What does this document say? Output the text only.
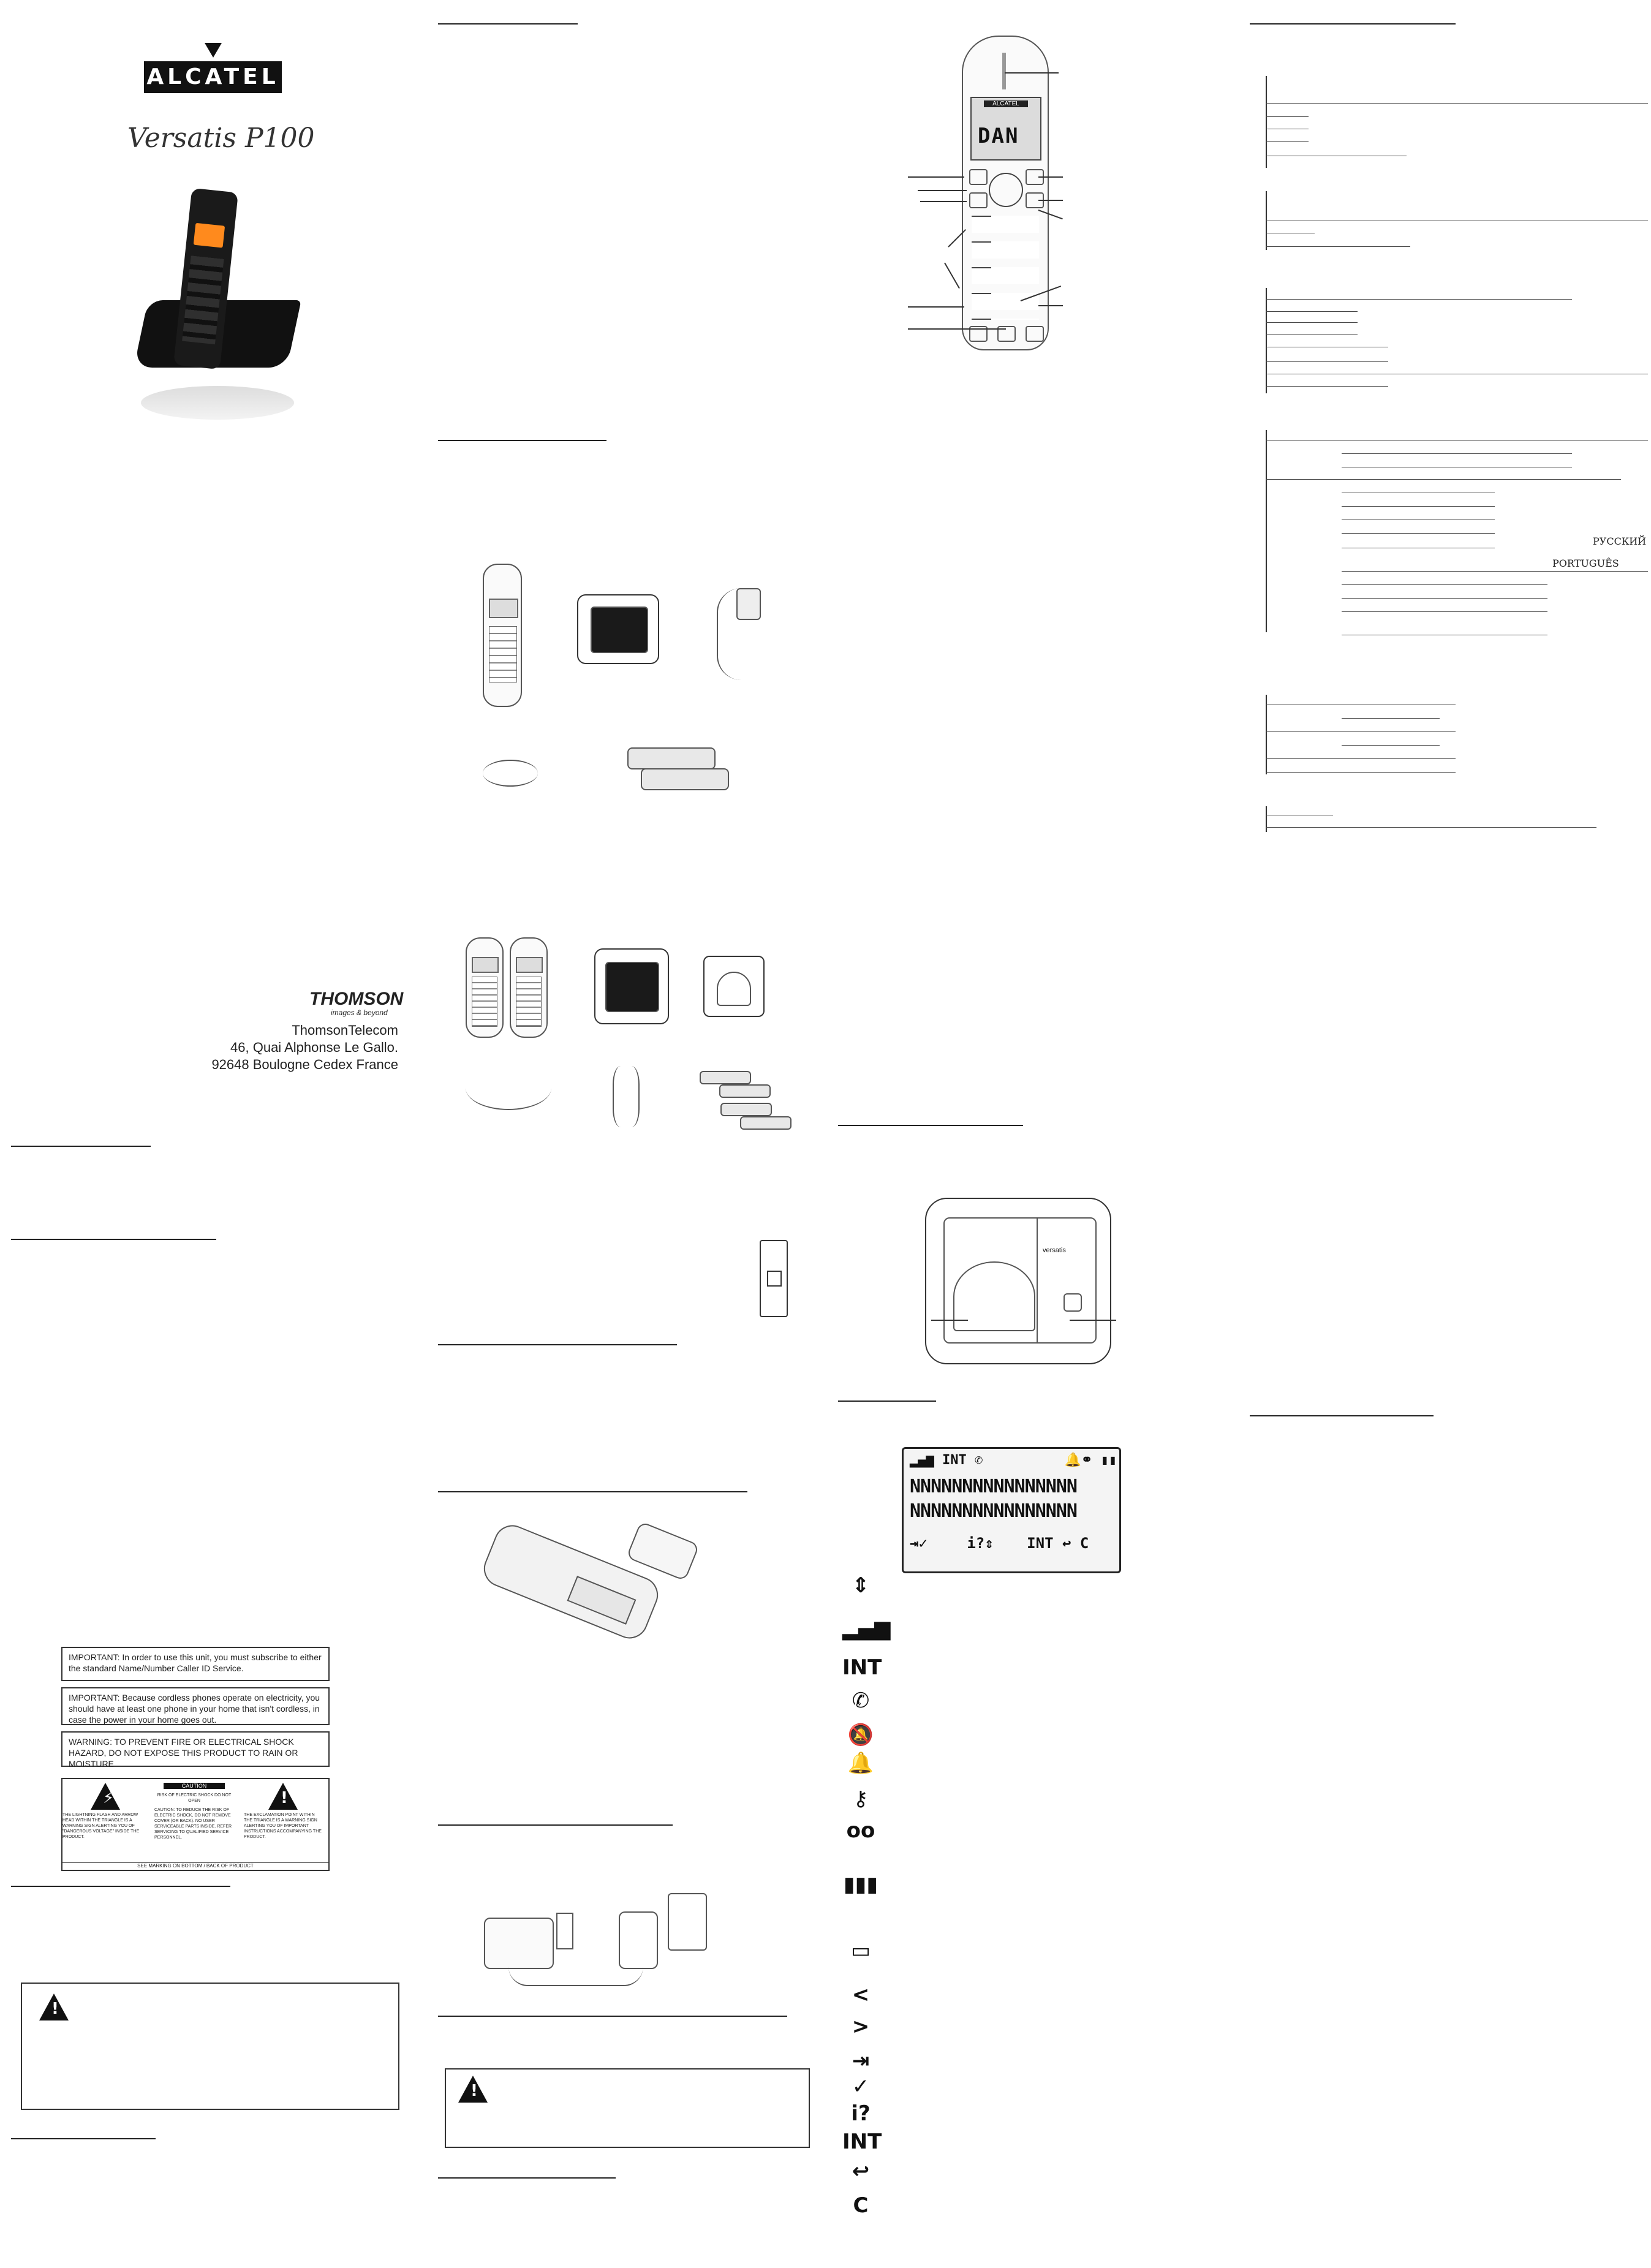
ALCATEL
Versatis P100
THOMSON
images & beyond
ThomsonTelecom
46, Quai Alphonse Le Gallo.
92648 Boulogne Cedex France
IMPORTANT: In order to use this unit, you must subscribe to either the standard Name/Number Caller ID Service.
IMPORTANT: Because cordless phones operate on electricity, you should have at least one phone in your home that isn't cordless, in case the power in your home goes out.
WARNING: TO PREVENT FIRE OR ELECTRICAL SHOCK HAZARD, DO NOT EXPOSE THIS PRODUCT TO RAIN OR MOISTURE
⚡
THE LIGHTNING FLASH AND ARROW HEAD WITHIN THE TRIANGLE IS A WARNING SIGN ALERTING YOU OF "DANGEROUS VOLTAGE" INSIDE THE PRODUCT.
CAUTION
RISK OF ELECTRIC SHOCK DO NOT OPEN
CAUTION: TO REDUCE THE RISK OF ELECTRIC SHOCK, DO NOT REMOVE COVER (OR BACK). NO USER SERVICEABLE PARTS INSIDE. REFER SERVICING TO QUALIFIED SERVICE PERSONNEL.
!
THE EXCLAMATION POINT WITHIN THE TRIANGLE IS A WARNING SIGN ALERTING YOU OF IMPORTANT INSTRUCTIONS ACCOMPANYING THE PRODUCT.
SEE MARKING ON BOTTOM / BACK OF PRODUCT
!
!
ALCATEL
DAN
versatis
▂▄▆ INT ✆	🔔⚭ ▮▮
NNNNNNNNNNNNNNNN
NNNNNNNNNNNNNNNN
⇥✓	i?⇕ INT ↩ C
⇕
▂▄▆
INT
✆
🔕
🔔
⚷
oo
▮▮▮
▭
<
>
⇥
✓
i?
INT
↩
C
РУССКИЙ
PORTUGUÊS
